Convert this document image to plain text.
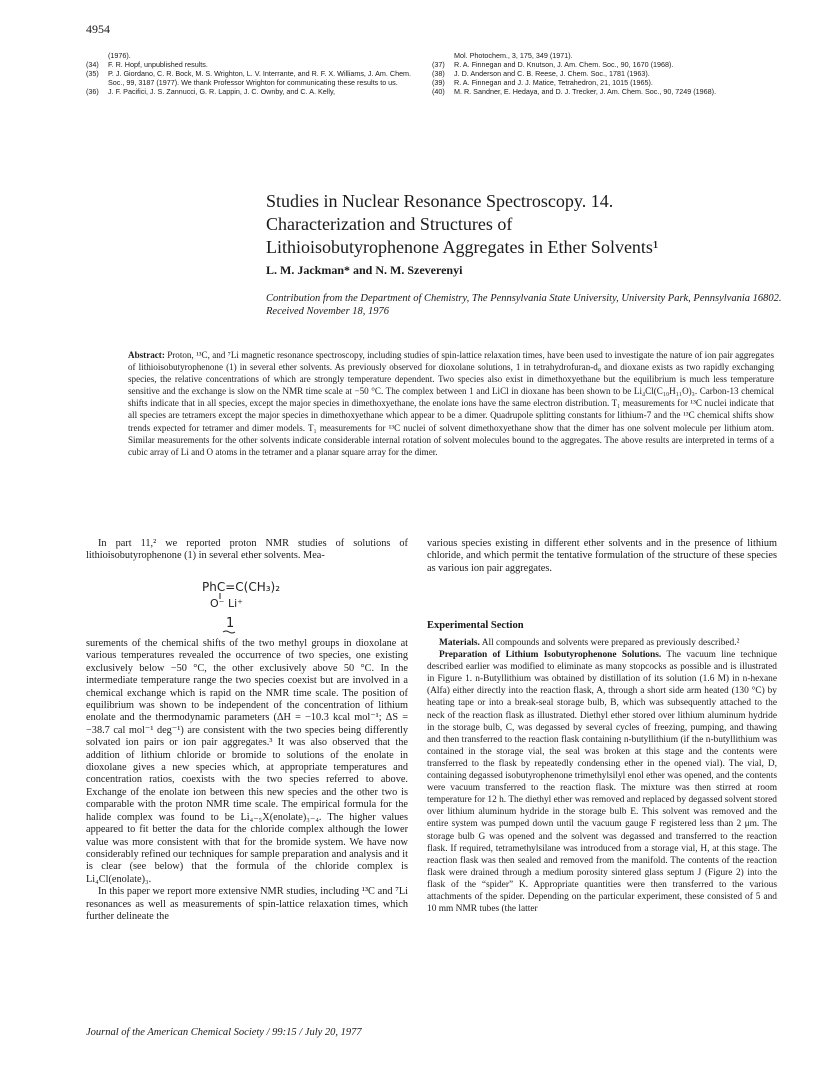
4954
(1976).
(34) F. R. Hopf, unpublished results.
(35) P. J. Giordano, C. R. Bock, M. S. Wrighton, L. V. Interrante, and R. F. X. Williams, J. Am. Chem. Soc., 99, 3187 (1977). We thank Professor Wrighton for communicating these results to us.
(36) J. F. Pacifici, J. S. Zannucci, G. R. Lappin, J. C. Ownby, and C. A. Kelly,
Mol. Photochem., 3, 175, 349 (1971).
(37) R. A. Finnegan and D. Knutson, J. Am. Chem. Soc., 90, 1670 (1968).
(38) J. D. Anderson and C. B. Reese, J. Chem. Soc., 1781 (1963).
(39) R. A. Finnegan and J. J. Matice, Tetrahedron, 21, 1015 (1965).
(40) M. R. Sandner, E. Hedaya, and D. J. Trecker, J. Am. Chem. Soc., 90, 7249 (1968).
Studies in Nuclear Resonance Spectroscopy. 14.
Characterization and Structures of
Lithioisobutyrophenone Aggregates in Ether Solvents¹
L. M. Jackman* and N. M. Szeverenyi
Contribution from the Department of Chemistry, The Pennsylvania State University, University Park, Pennsylvania 16802. Received November 18, 1976
Abstract: Proton, ¹³C, and ⁷Li magnetic resonance spectroscopy, including studies of spin-lattice relaxation times, have been used to investigate the nature of ion pair aggregates of lithioisobutyrophenone (1) in several ether solvents. As previously observed for dioxolane solutions, 1 in tetrahydrofuran-d₈ and dioxane exists as two rapidly exchanging species, the relative concentrations of which are strongly temperature dependent. Two species also exist in dimethoxyethane but the equilibrium is much less temperature sensitive and the exchange is slow on the NMR time scale at −50 °C. The complex between 1 and LiCl in dioxane has been shown to be Li₄Cl(C₁₀H₁₁O)₃. Carbon-13 chemical shifts indicate that in all species, except the major species in dimethoxyethane, the enolate ions have the same electron distribution. T₁ measurements for ¹³C nuclei indicate that all species are tetramers except the major species in dimethoxyethane which appear to be a dimer. Quadrupole splitting constants for lithium-7 and the ¹³C chemical shifts show trends expected for tetramer and dimer models. T₁ measurements for ¹³C nuclei of solvent dimethoxyethane show that the dimer has one solvent molecule per lithium atom. Similar measurements for the other solvents indicate considerable internal rotation of solvent molecules bound to the aggregates. The above results are interpreted in terms of a cubic array of Li and O atoms in the tetramer and a planar square array for the dimer.
In part 11,² we reported proton NMR studies of solutions of lithioisobutyrophenone (1) in several ether solvents. Mea-
PhC=C(CH₃)₂
O⁻ Li⁺
1
surements of the chemical shifts of the two methyl groups in dioxolane at various temperatures revealed the occurrence of two species, one existing exclusively below −50 °C, the other exclusively above 50 °C. In the intermediate temperature range the two species coexist but are involved in a chemical exchange which is rapid on the NMR time scale. The position of equilibrium was shown to be independent of the concentration of lithium enolate and the thermodynamic parameters (ΔH = −10.3 kcal mol⁻¹; ΔS = −38.7 cal mol⁻¹ deg⁻¹) are consistent with the two species being differently solvated ion pairs or ion pair aggregates.³ It was also observed that the addition of lithium chloride or bromide to solutions of the enolate in dioxolane gives a new species which, at appropriate temperatures and concentration ratios, coexists with the two species referred to above. Exchange of the enolate ion between this new species and the other two is comparable with the proton NMR time scale. The empirical formula for the halide complex was found to be Li₄₋₅X(enolate)₃₋₄. The higher values appeared to fit better the data for the chloride complex although the lower value was more consistent with that for the bromide system. We have now considerably refined our techniques for sample preparation and analysis and it is clear (see below) that the formula of the chloride complex is Li₄Cl(enolate)₃.
In this paper we report more extensive NMR studies, including ¹³C and ⁷Li resonances as well as measurements of spin-lattice relaxation times, which further delineate the
various species existing in different ether solvents and in the presence of lithium chloride, and which permit the tentative formulation of the structure of these species as various ion pair aggregates.
Experimental Section
Materials. All compounds and solvents were prepared as previously described.²
Preparation of Lithium Isobutyrophenone Solutions. The vacuum line technique described earlier was modified to eliminate as many stopcocks as possible and is illustrated in Figure 1. n-Butyllithium was obtained by distillation of its solution (1.6 M) in n-hexane (Alfa) either directly into the reaction flask, A, through a short side arm heated (130 °C) by heating tape or into a break-seal storage bulb, B, which was subsequently attached to the neck of the reaction flask as illustrated. Diethyl ether stored over lithium aluminum hydride in the storage bulb, C, was degassed by several cycles of freezing, pumping, and thawing and then transferred to the reaction flask containing n-butyllithium (if the n-butyllithium was contained in the storage vial, the seal was broken at this stage and the contents were transferred to the flask by repeatedly condensing ether in the opened vial). The vial, D, containing degassed isobutyrophenone trimethylsilyl enol ether was opened, and the contents were vacuum transferred to the reaction flask. The mixture was then stirred at room temperature for 12 h. The diethyl ether was removed and replaced by degassed solvent stored over lithium aluminum hydride in the storage bulb E. This solvent was removed and the entire system was pumped down until the vacuum gauge F registered less than 2 μm. The storage bulb G was opened and the solvent was degassed and transferred to the reaction flask. If required, tetramethylsilane was introduced from a storage vial, H, at this stage. The reaction flask was then sealed and removed from the manifold. The contents of the reaction flask were drained through a medium porosity sintered glass septum J (Figure 2) into the flask of the “spider” K. Appropriate quantities were then transferred to the various attachments of the spider. Depending on the particular experiment, these consisted of 5 and 10 mm NMR tubes (the latter
Journal of the American Chemical Society / 99:15 / July 20, 1977
